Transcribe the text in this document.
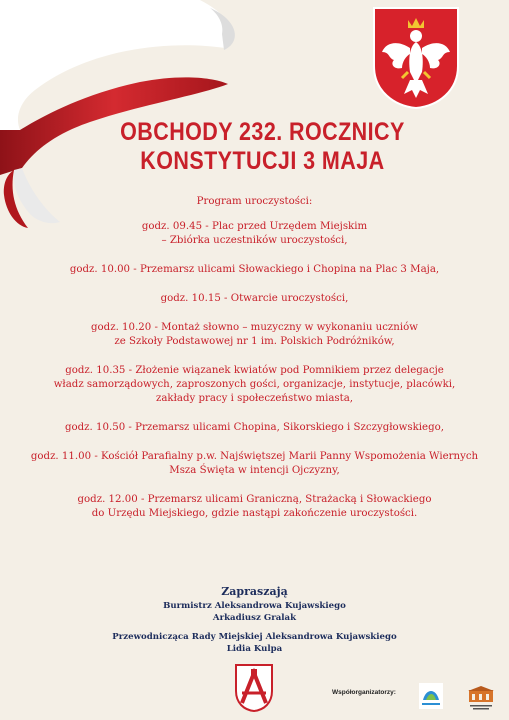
OBCHODY 232. ROCZNICY
KONSTYTUCJI 3 MAJA
Program uroczystości:
godz. 09.45 - Plac przed Urzędem Miejskim
– Zbiórka uczestników uroczystości,
godz. 10.00 - Przemarsz ulicami Słowackiego i Chopina na Plac 3 Maja,
godz. 10.15 - Otwarcie uroczystości,
godz. 10.20 - Montaż słowno – muzyczny w wykonaniu uczniów
ze Szkoły Podstawowej nr 1 im. Polskich Podróżników,
godz. 10.35 - Złożenie wiązanek kwiatów pod Pomnikiem przez delegacje
władz samorządowych, zaproszonych gości, organizacje, instytucje, placówki,
zakłady pracy i społeczeństwo miasta,
godz. 10.50 - Przemarsz ulicami Chopina, Sikorskiego i Szczygłowskiego,
godz. 11.00 - Kościół Parafialny p.w. Najświętszej Marii Panny Wspomożenia Wiernych
Msza Święta w intencji Ojczyzny,
godz. 12.00 - Przemarsz ulicami Graniczną, Strażacką i Słowackiego
do Urzędu Miejskiego, gdzie nastąpi zakończenie uroczystości.
Zapraszają
Burmistrz Aleksandrowa Kujawskiego
Arkadiusz Gralak
Przewodnicząca Rady Miejskiej Aleksandrowa Kujawskiego
Lidia Kulpa
Współorganizatorzy:
